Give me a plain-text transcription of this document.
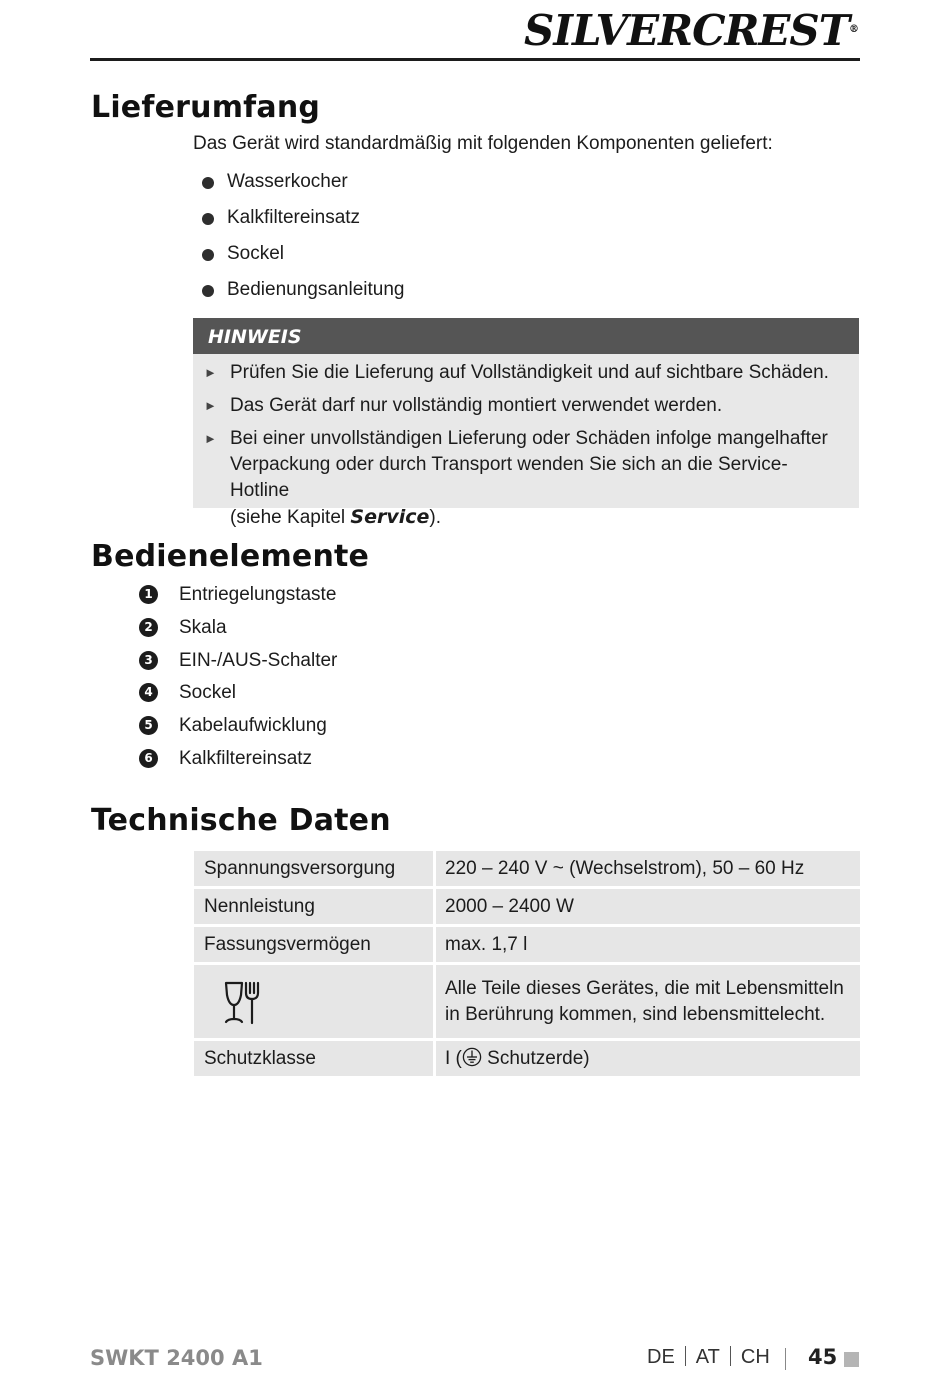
SILVERCREST®
Lieferumfang
Das Gerät wird standardmäßig mit folgenden Komponenten geliefert:
Wasserkocher
Kalkfiltereinsatz
Sockel
Bedienungsanleitung
HINWEIS
► Prüfen Sie die Lieferung auf Vollständigkeit und auf sichtbare Schäden.
► Das Gerät darf nur vollständig montiert verwendet werden.
► Bei einer unvollständigen Lieferung oder Schäden infolge mangelhafter
Verpackung oder durch Transport wenden Sie sich an die Service-Hotline
(siehe Kapitel Service).
Bedienelemente
1 Entriegelungstaste
2 Skala
3 EIN-/AUS-Schalter
4 Sockel
5 Kabelaufwicklung
6 Kalkfiltereinsatz
Technische Daten
Spannungsversorgung	220 – 240 V ~ (Wechselstrom), 50 – 60 Hz
Nennleistung	2000 – 2400 W
Fassungsvermögen	max. 1,7 l

Alle Teile dieses Gerätes, die mit Lebensmitteln
in Berührung kommen, sind lebensmittelecht.

Schutzklasse	I ( Schutzerde)
SWKT 2400 A1	DE AT CH 45
